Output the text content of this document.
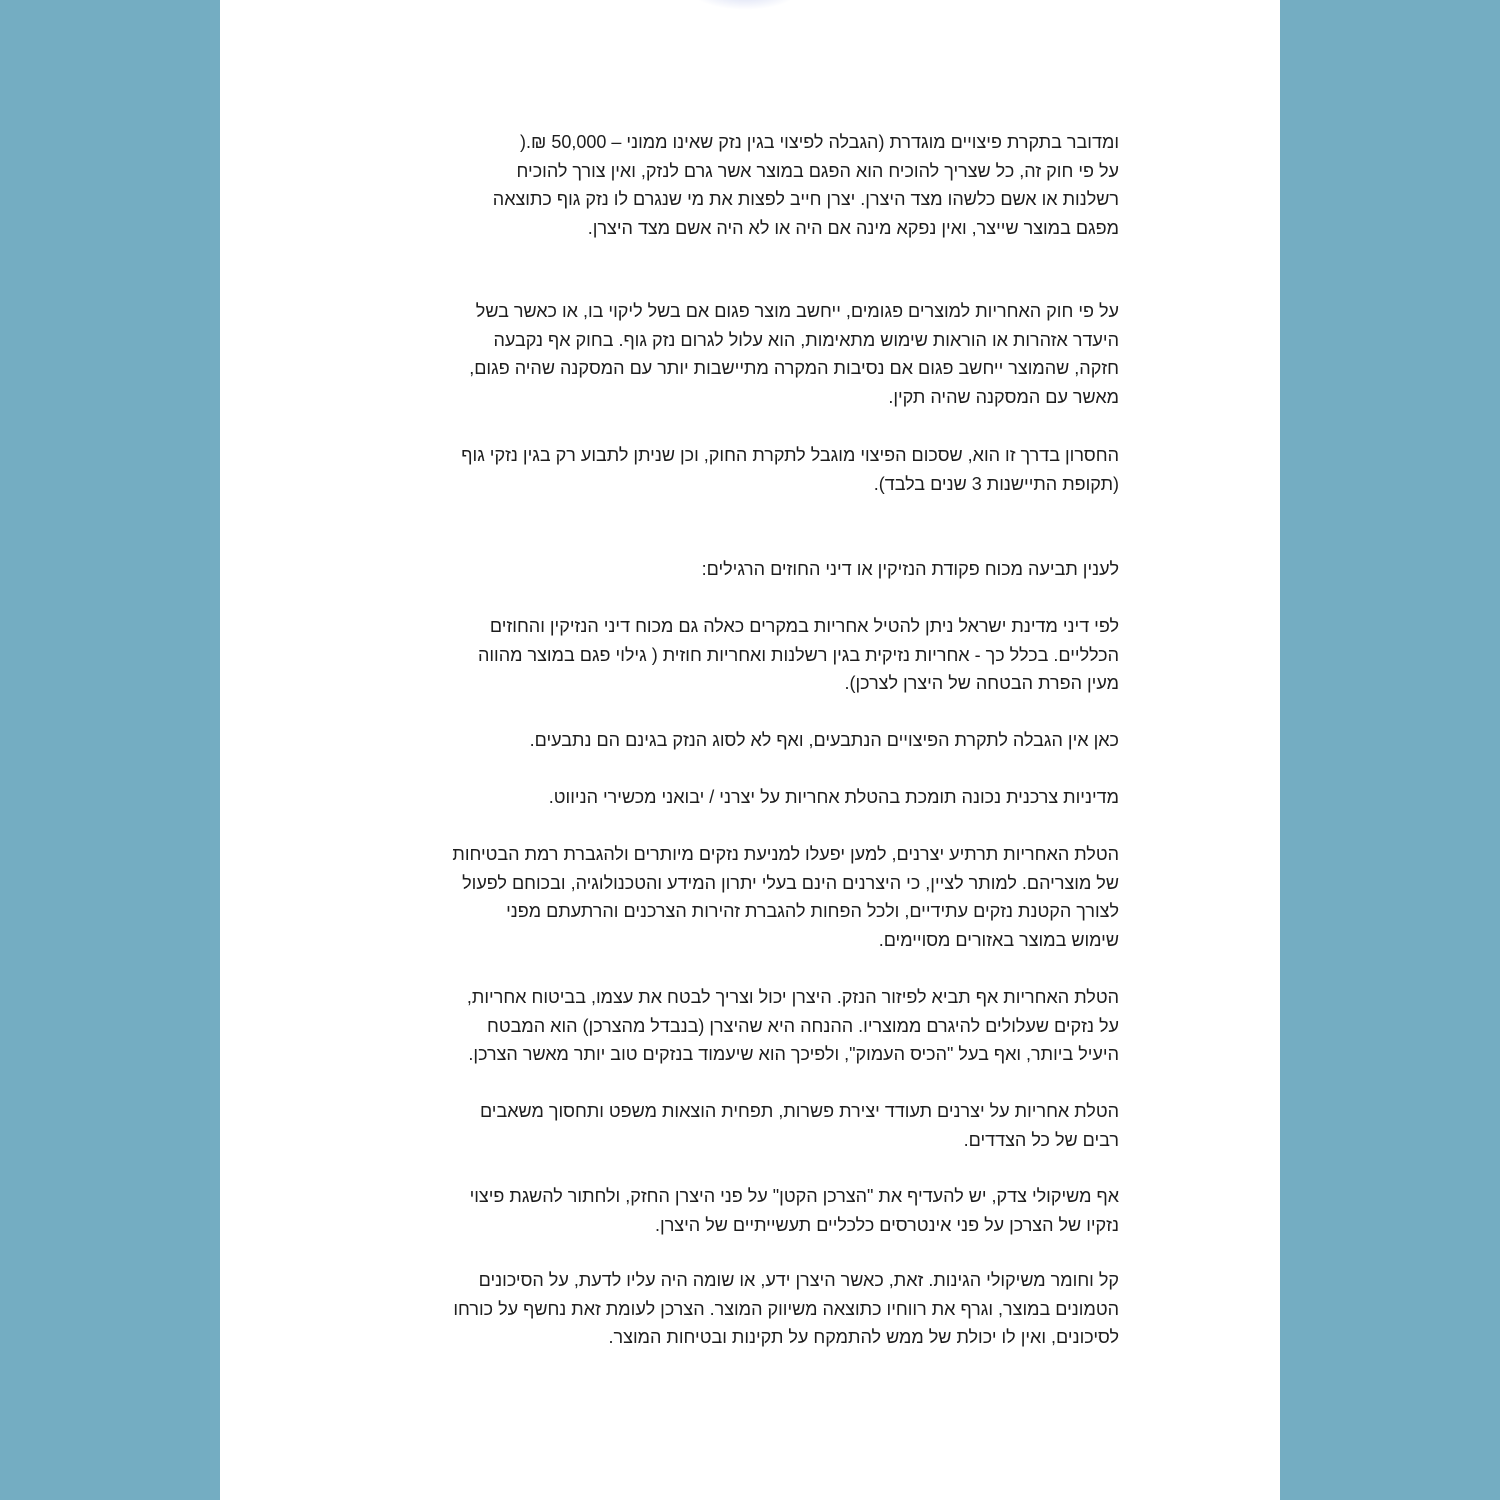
ומדובר בתקרת פיצויים מוגדרת (הגבלה לפיצוי בגין נזק שאינו ממוני – 50,000 ₪.(
על פי חוק זה, כל שצריך להוכיח הוא הפגם במוצר אשר גרם לנזק, ואין צורך להוכיח
רשלנות או אשם כלשהו מצד היצרן. יצרן חייב לפצות את מי שנגרם לו נזק גוף כתוצאה
מפגם במוצר שייצר, ואין נפקא מינה אם היה או לא היה אשם מצד היצרן.
על פי חוק האחריות למוצרים פגומים, ייחשב מוצר פגום אם בשל ליקוי בו, או כאשר בשל
היעדר אזהרות או הוראות שימוש מתאימות, הוא עלול לגרום נזק גוף. בחוק אף נקבעה
חזקה, שהמוצר ייחשב פגום אם נסיבות המקרה מתיישבות יותר עם המסקנה שהיה פגום,
מאשר עם המסקנה שהיה תקין.
החסרון בדרך זו הוא, שסכום הפיצוי מוגבל לתקרת החוק, וכן שניתן לתבוע רק בגין נזקי גוף
(תקופת התיישנות 3 שנים בלבד).
לענין תביעה מכוח פקודת הנזיקין או דיני החוזים הרגילים:
לפי דיני מדינת ישראל ניתן להטיל אחריות במקרים כאלה גם מכוח דיני הנזיקין והחוזים
הכלליים. בכלל כך - אחריות נזיקית בגין רשלנות ואחריות חוזית ( גילוי פגם במוצר מהווה
מעין הפרת הבטחה של היצרן לצרכן).
כאן אין הגבלה לתקרת הפיצויים הנתבעים, ואף לא לסוג הנזק בגינם הם נתבעים.
מדיניות צרכנית נכונה תומכת בהטלת אחריות על יצרני / יבואני מכשירי הניווט.
הטלת האחריות תרתיע יצרנים, למען יפעלו למניעת נזקים מיותרים ולהגברת רמת הבטיחות
של מוצריהם. למותר לציין, כי היצרנים הינם בעלי יתרון המידע והטכנולוגיה, ובכוחם לפעול
לצורך הקטנת נזקים עתידיים, ולכל הפחות להגברת זהירות הצרכנים והרתעתם מפני
שימוש במוצר באזורים מסויימים.
הטלת האחריות אף תביא לפיזור הנזק. היצרן יכול וצריך לבטח את עצמו, בביטוח אחריות,
על נזקים שעלולים להיגרם ממוצריו. ההנחה היא שהיצרן (בנבדל מהצרכן) הוא המבטח
היעיל ביותר, ואף בעל "הכיס העמוק", ולפיכך הוא שיעמוד בנזקים טוב יותר מאשר הצרכן.
הטלת אחריות על יצרנים תעודד יצירת פשרות, תפחית הוצאות משפט ותחסוך משאבים
רבים של כל הצדדים.
אף משיקולי צדק, יש להעדיף את "הצרכן הקטן" על פני היצרן החזק, ולחתור להשגת פיצוי
נזקיו של הצרכן על פני אינטרסים כלכליים תעשייתיים של היצרן.
קל וחומר משיקולי הגינות. זאת, כאשר היצרן ידע, או שומה היה עליו לדעת, על הסיכונים
הטמונים במוצר, וגרף את רווחיו כתוצאה משיווק המוצר. הצרכן לעומת זאת נחשף על כורחו
לסיכונים, ואין לו יכולת של ממש להתמקח על תקינות ובטיחות המוצר.
